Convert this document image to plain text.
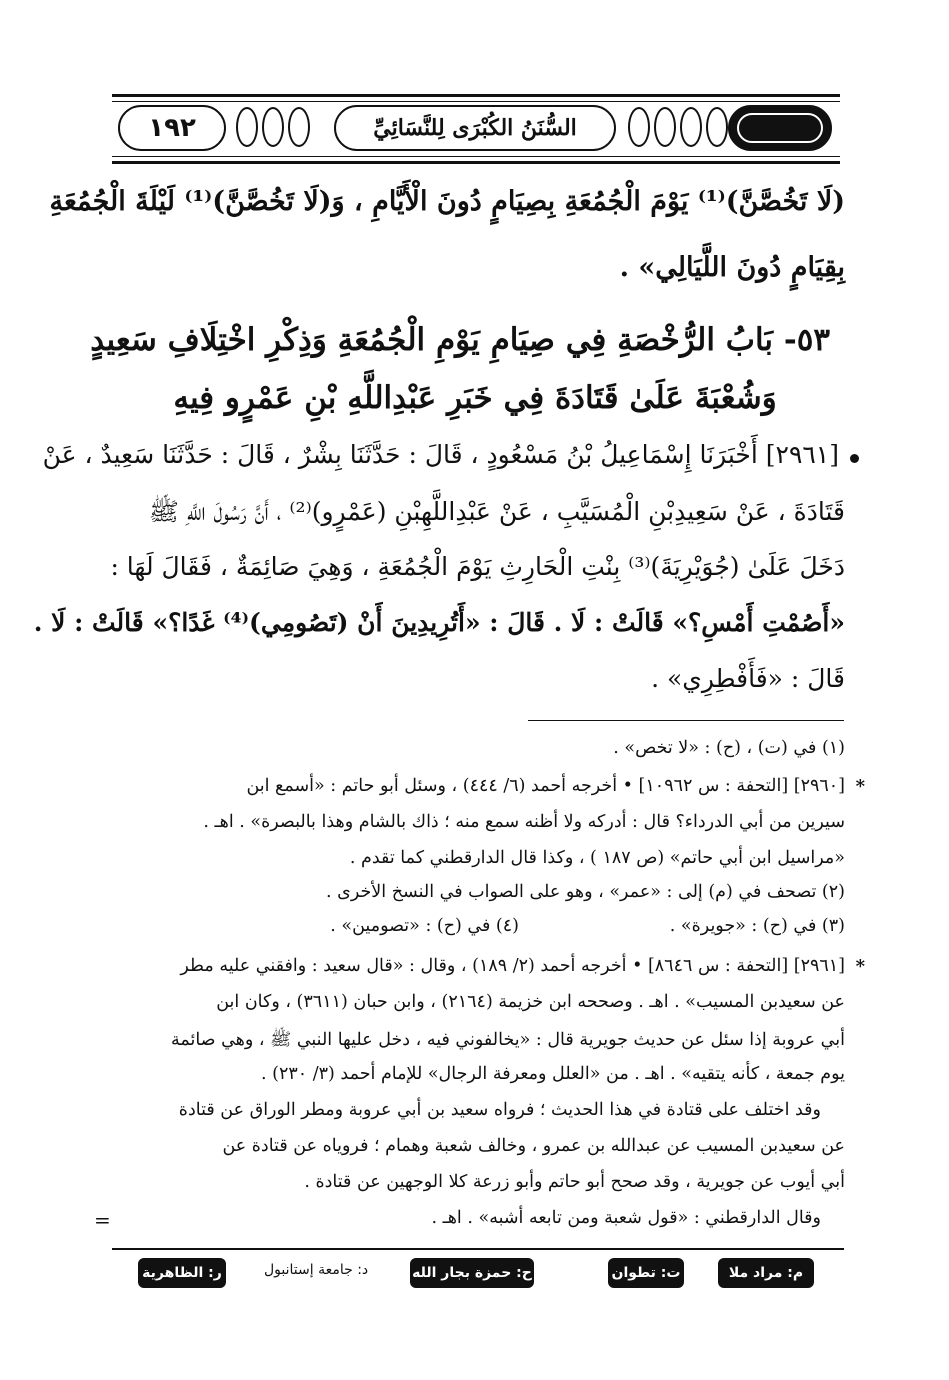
١٩٢	السُّنَنُ الكُبْرَى لِلنَّسَائِيِّ
(لَا تَخُصَّنَّ)⁽¹⁾ يَوْمَ الْجُمُعَةِ بِصِيَامٍ دُونَ الْأَيَّامِ ، وَ(لَا تَخُصَّنَّ)⁽¹⁾ لَيْلَةَ الْجُمُعَةِ
بِقِيَامٍ دُونَ اللَّيَالِي» .
٥٣- بَابُ الرُّخْصَةِ فِي صِيَامِ يَوْمِ الْجُمُعَةِ وَذِكْرِ اخْتِلَافِ سَعِيدٍ
وَشُعْبَةَ عَلَىٰ قَتَادَةَ فِي خَبَرِ عَبْدِاللَّهِ بْنِ عَمْرٍو فِيهِ
[٢٩٦١] أَخْبَرَنَا إِسْمَاعِيلُ بْنُ مَسْعُودٍ ، قَالَ : حَدَّثَنَا بِشْرٌ ، قَالَ : حَدَّثَنَا سَعِيدٌ ، عَنْ
قَتَادَةَ ، عَنْ سَعِيدِبْنِ الْمُسَيَّبِ ، عَنْ عَبْدِاللَّهِبْنِ (عَمْرٍو)⁽²⁾ ، أَنَّ رَسُولَ اللَّهِ ﷺ
دَخَلَ عَلَىٰ (جُوَيْرِيَةَ)⁽³⁾ بِنْتِ الْحَارِثِ يَوْمَ الْجُمُعَةِ ، وَهِيَ صَائِمَةٌ ، فَقَالَ لَهَا :
«أَصُمْتِ أَمْسِ؟» قَالَتْ : لَا . قَالَ : «أَتُرِيدِينَ أَنْ (تَصُومِي)⁽⁴⁾ غَدًا؟» قَالَتْ : لَا .
قَالَ : «فَأَفْطِرِي» .
(١) في (ت) ، (ح) : «لا تخص» .
*
[٢٩٦٠] [التحفة : س ١٠٩٦٢] • أخرجه أحمد (٦/ ٤٤٤) ، وسئل أبو حاتم : «أسمع ابن
سيرين من أبي الدرداء؟ قال : أدركه ولا أظنه سمع منه ؛ ذاك بالشام وهذا بالبصرة» . اهـ .
«مراسيل ابن أبي حاتم» (ص ١٨٧ ) ، وكذا قال الدارقطني كما تقدم .
(٢) تصحف في (م) إلى : «عمر» ، وهو على الصواب في النسخ الأخرى .
(٣) في (ح) : «جويرة» .
(٤) في (ح) : «تصومين» .
*
[٢٩٦١] [التحفة : س ٨٦٤٦] • أخرجه أحمد (٢/ ١٨٩) ، وقال : «قال سعيد : وافقني عليه مطر
عن سعيدبن المسيب» . اهـ . وصححه ابن خزيمة (٢١٦٤) ، وابن حبان (٣٦١١) ، وكان ابن
أبي عروبة إذا سئل عن حديث جويرية قال : «يخالفوني فيه ، دخل عليها النبي ﷺ ، وهي صائمة
يوم جمعة ، كأنه يتقيه» . اهـ . من «العلل ومعرفة الرجال» للإمام أحمد (٣/ ٢٣٠) .
وقد اختلف على قتادة في هذا الحديث ؛ فرواه سعيد بن أبي عروبة ومطر الوراق عن قتادة
عن سعيدبن المسيب عن عبدالله بن عمرو ، وخالف شعبة وهمام ؛ فروياه عن قتادة عن
أبي أيوب عن جويرية ، وقد صحح أبو حاتم وأبو زرعة كلا الوجهين عن قتادة .
وقال الدارقطني : «قول شعبة ومن تابعه أشبه» . اهـ .
=
م: مراد ملا
ت: تطوان
ح: حمزة بجار الله
د: جامعة إستانبول
ر: الظاهرية
